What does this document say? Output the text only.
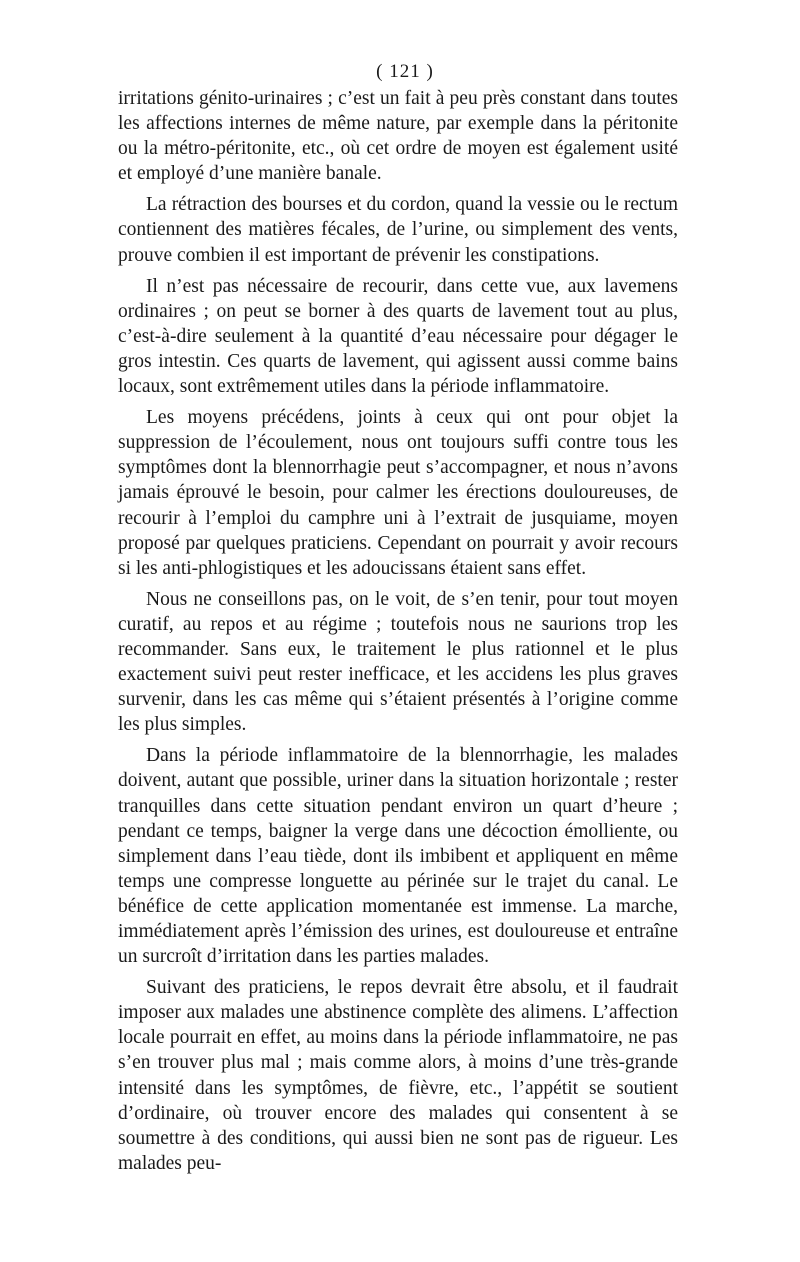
( 121 )

irritations génito-urinaires ; c’est un fait à peu près constant dans toutes les affections internes de même nature, par exemple dans la péritonite ou la métro-péritonite, etc., où cet ordre de moyen est également usité et employé d’une manière banale.

La rétraction des bourses et du cordon, quand la vessie ou le rectum contiennent des matières fécales, de l’urine, ou simplement des vents, prouve combien il est important de prévenir les constipations.

Il n’est pas nécessaire de recourir, dans cette vue, aux lavemens ordinaires ; on peut se borner à des quarts de lavement tout au plus, c’est-à-dire seulement à la quantité d’eau nécessaire pour dégager le gros intestin. Ces quarts de lavement, qui agissent aussi comme bains locaux, sont extrêmement utiles dans la période inflammatoire.

Les moyens précédens, joints à ceux qui ont pour objet la suppression de l’écoulement, nous ont toujours suffi contre tous les symptômes dont la blennorrhagie peut s’accompagner, et nous n’avons jamais éprouvé le besoin, pour calmer les érections douloureuses, de recourir à l’emploi du camphre uni à l’extrait de jusquiame, moyen proposé par quelques praticiens. Cependant on pourrait y avoir recours si les anti-phlogistiques et les adoucissans étaient sans effet.

Nous ne conseillons pas, on le voit, de s’en tenir, pour tout moyen curatif, au repos et au régime ; toutefois nous ne saurions trop les recommander. Sans eux, le traitement le plus rationnel et le plus exactement suivi peut rester inefficace, et les accidens les plus graves survenir, dans les cas même qui s’étaient présentés à l’origine comme les plus simples.

Dans la période inflammatoire de la blennorrhagie, les malades doivent, autant que possible, uriner dans la situation horizontale ; rester tranquilles dans cette situation pendant environ un quart d’heure ; pendant ce temps, baigner la verge dans une décoction émolliente, ou simplement dans l’eau tiède, dont ils imbibent et appliquent en même temps une compresse longuette au périnée sur le trajet du canal. Le bénéfice de cette application momentanée est immense. La marche, immédiatement après l’émission des urines, est douloureuse et entraîne un surcroît d’irritation dans les parties malades.

Suivant des praticiens, le repos devrait être absolu, et il faudrait imposer aux malades une abstinence complète des alimens. L’affection locale pourrait en effet, au moins dans la période inflammatoire, ne pas s’en trouver plus mal ; mais comme alors, à moins d’une très-grande intensité dans les symptômes, de fièvre, etc., l’appétit se soutient d’ordinaire, où trouver encore des malades qui consentent à se soumettre à des conditions, qui aussi bien ne sont pas de rigueur. Les malades peu-
